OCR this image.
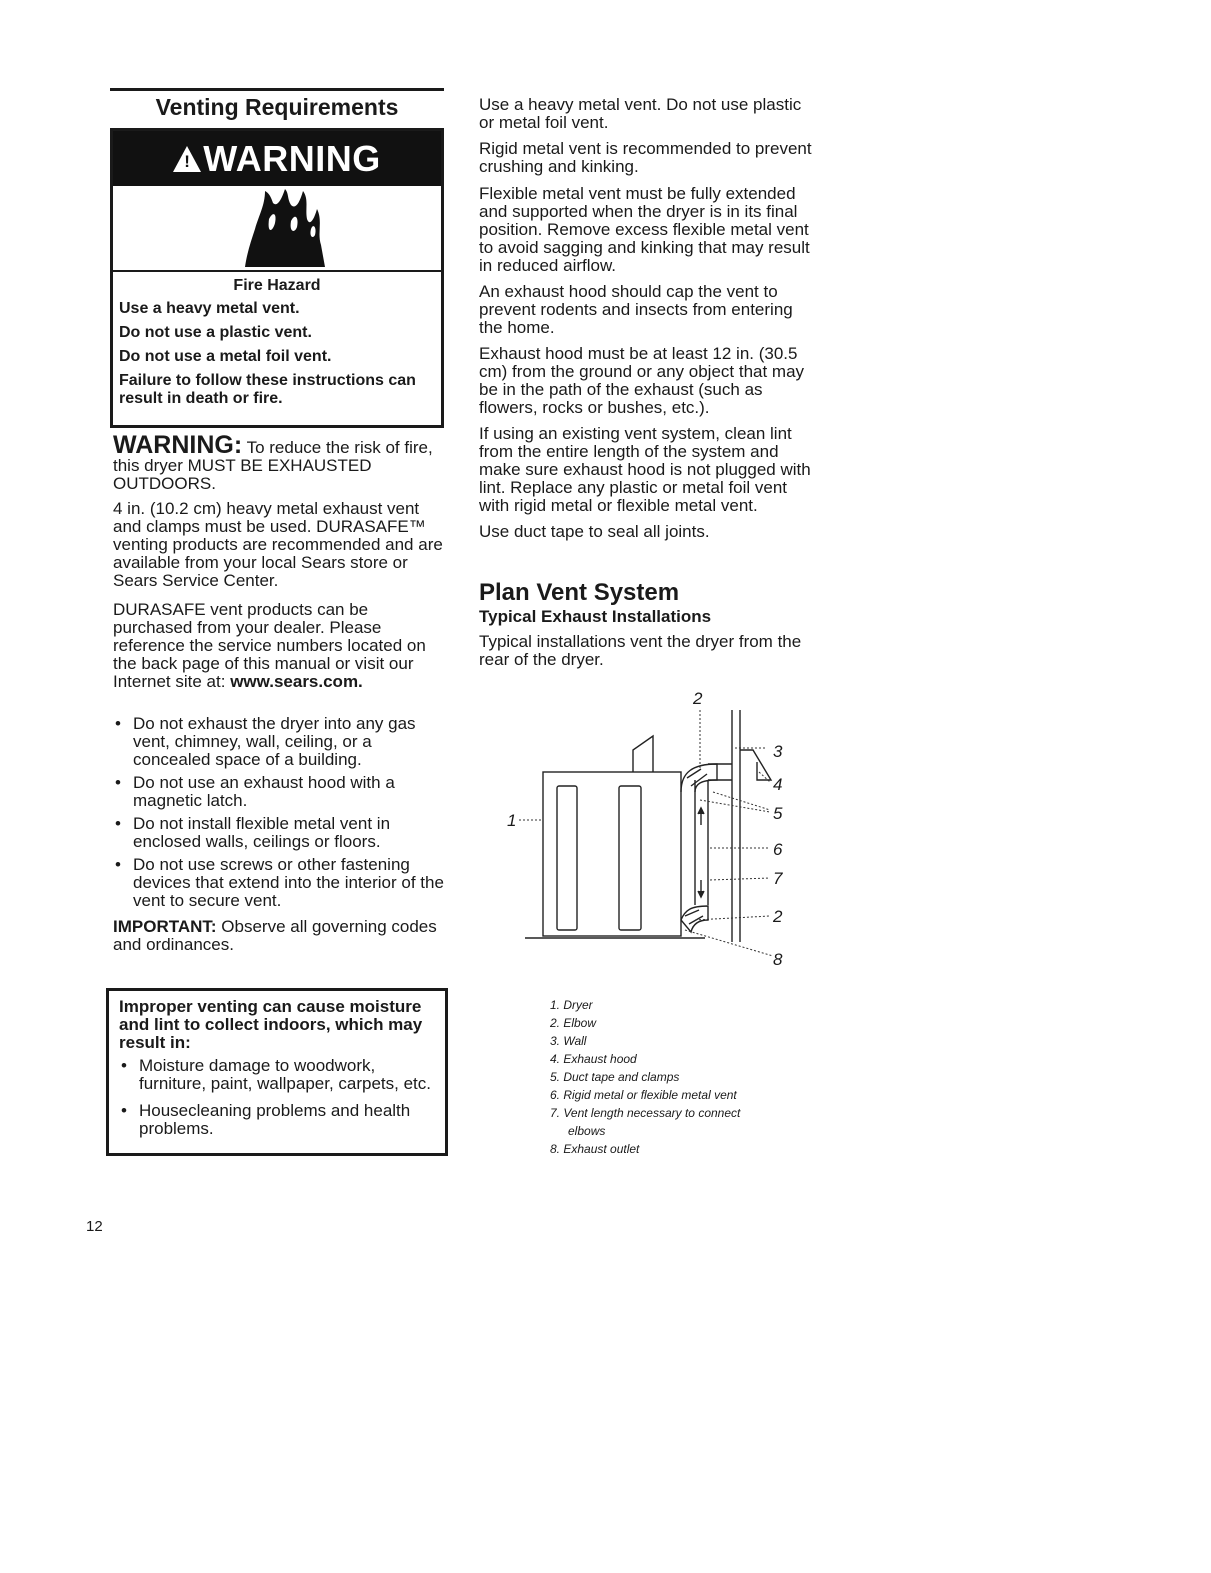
Venting Requirements
! WARNING
Fire Hazard
Use a heavy metal vent.
Do not use a plastic vent.
Do not use a metal foil vent.
Failure to follow these instructions can result in death or fire.

WARNING: To reduce the risk of fire, this dryer MUST BE EXHAUSTED OUTDOORS.

4 in. (10.2 cm) heavy metal exhaust vent and clamps must be used. DURASAFE™ venting products are recommended and are available from your local Sears store or Sears Service Center.

DURASAFE vent products can be purchased from your dealer. Please reference the service numbers located on the back page of this manual or visit our Internet site at: www.sears.com.

• Do not exhaust the dryer into any gas vent, chimney, wall, ceiling, or a concealed space of a building.
• Do not use an exhaust hood with a magnetic latch.
• Do not install flexible metal vent in enclosed walls, ceilings or floors.
• Do not use screws or other fastening devices that extend into the interior of the vent to secure vent.

IMPORTANT: Observe all governing codes and ordinances.

Improper venting can cause moisture and lint to collect indoors, which may result in:

• Moisture damage to woodwork, furniture, paint, wallpaper, carpets, etc.
• Housecleaning problems and health problems.

Use a heavy metal vent. Do not use plastic or metal foil vent.

Rigid metal vent is recommended to prevent crushing and kinking.

Flexible metal vent must be fully extended and supported when the dryer is in its final position. Remove excess flexible metal vent to avoid sagging and kinking that may result in reduced airflow.

An exhaust hood should cap the vent to prevent rodents and insects from entering the home.

Exhaust hood must be at least 12 in. (30.5 cm) from the ground or any object that may be in the path of the exhaust (such as flowers, rocks or bushes, etc.).

If using an existing vent system, clean lint from the entire length of the system and make sure exhaust hood is not plugged with lint. Replace any plastic or metal foil vent with rigid metal or flexible metal vent.

Use duct tape to seal all joints.

Plan Vent System
Typical Exhaust Installations

Typical installations vent the dryer from the rear of the dryer.

2
3
4
5
6
7
2
8
1
1. Dryer
2. Elbow
3. Wall
4. Exhaust hood
5. Duct tape and clamps
6. Rigid metal or flexible metal vent
7. Vent length necessary to connect
elbows
8. Exhaust outlet
12
